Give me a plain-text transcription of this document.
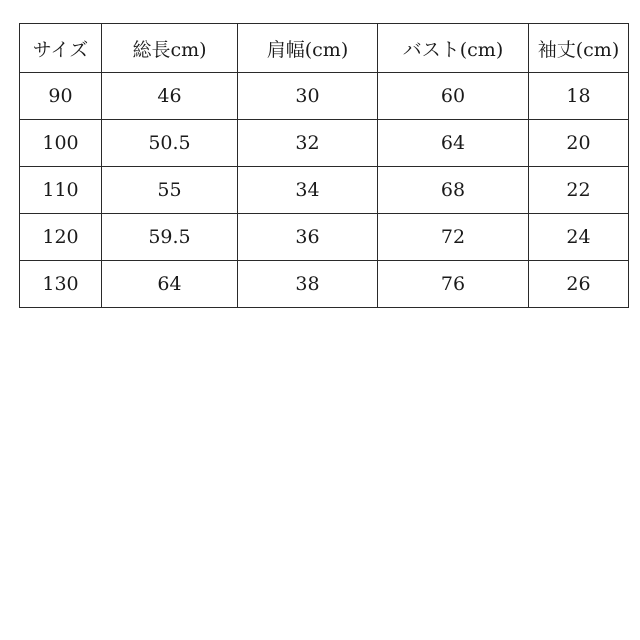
サイズ	総長cm)	肩幅(cm)	バスト(cm)	袖丈(cm)
90	46	30	60	18
100	50.5	32	64	20
110	55	34	68	22
120	59.5	36	72	24
130	64	38	76	26
